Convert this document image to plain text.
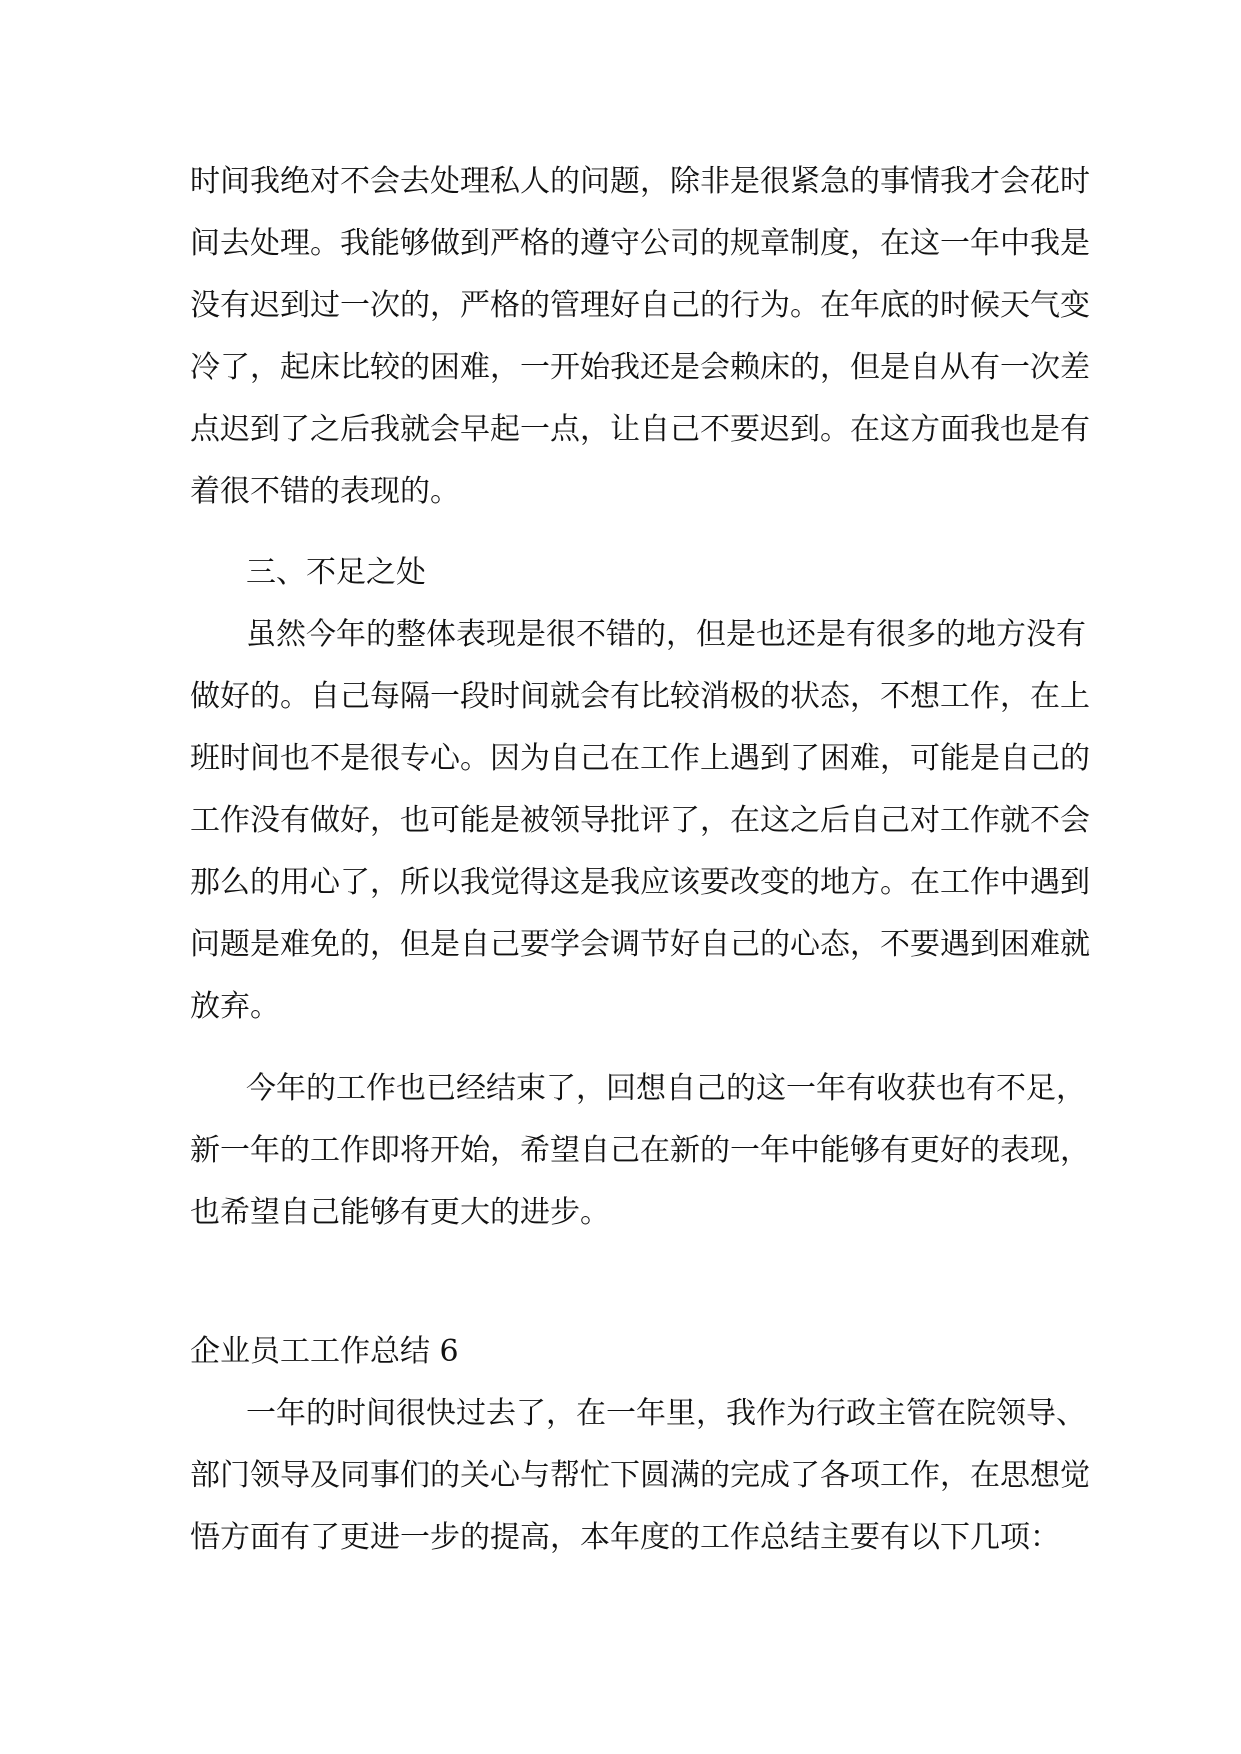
时间我绝对不会去处理私人的问题，除非是很紧急的事情我才会花时

间去处理。我能够做到严格的遵守公司的规章制度，在这一年中我是

没有迟到过一次的，严格的管理好自己的行为。在年底的时候天气变

冷了，起床比较的困难，一开始我还是会赖床的，但是自从有一次差

点迟到了之后我就会早起一点，让自己不要迟到。在这方面我也是有

着很不错的表现的。

三、不足之处

虽然今年的整体表现是很不错的，但是也还是有很多的地方没有

做好的。自己每隔一段时间就会有比较消极的状态，不想工作，在上

班时间也不是很专心。因为自己在工作上遇到了困难，可能是自己的

工作没有做好，也可能是被领导批评了，在这之后自己对工作就不会

那么的用心了，所以我觉得这是我应该要改变的地方。在工作中遇到

问题是难免的，但是自己要学会调节好自己的心态，不要遇到困难就

放弃。

今年的工作也已经结束了，回想自己的这一年有收获也有不足，

新一年的工作即将开始，希望自己在新的一年中能够有更好的表现，

也希望自己能够有更大的进步。

企业员工工作总结 6

一年的时间很快过去了，在一年里，我作为行政主管在院领导、

部门领导及同事们的关心与帮忙下圆满的完成了各项工作，在思想觉

悟方面有了更进一步的提高，本年度的工作总结主要有以下几项：
